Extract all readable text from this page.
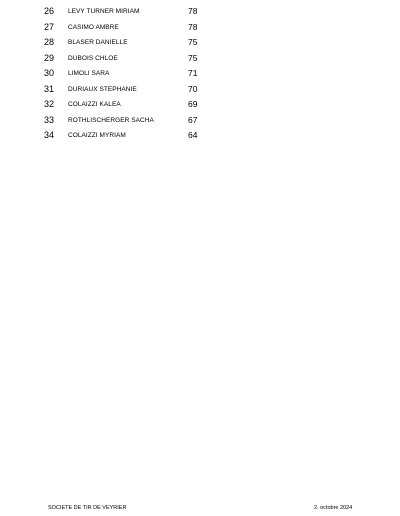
26 LEVY TURNER MIRIAM	78
27 CASIMO AMBRE	78
28 BLASER DANIELLE	75
29 DUBOIS CHLOE	75
30 LIMOLI SARA	71
31 DURIAUX STEPHANIE	70
32 COLAIZZI KALEA	69
33 ROTHLISCHERGER SACHA	67
34 COLAIZZI MYRIAM	64
SOCIETE DE TIR DE VEYRIER	2. octobre 2024
